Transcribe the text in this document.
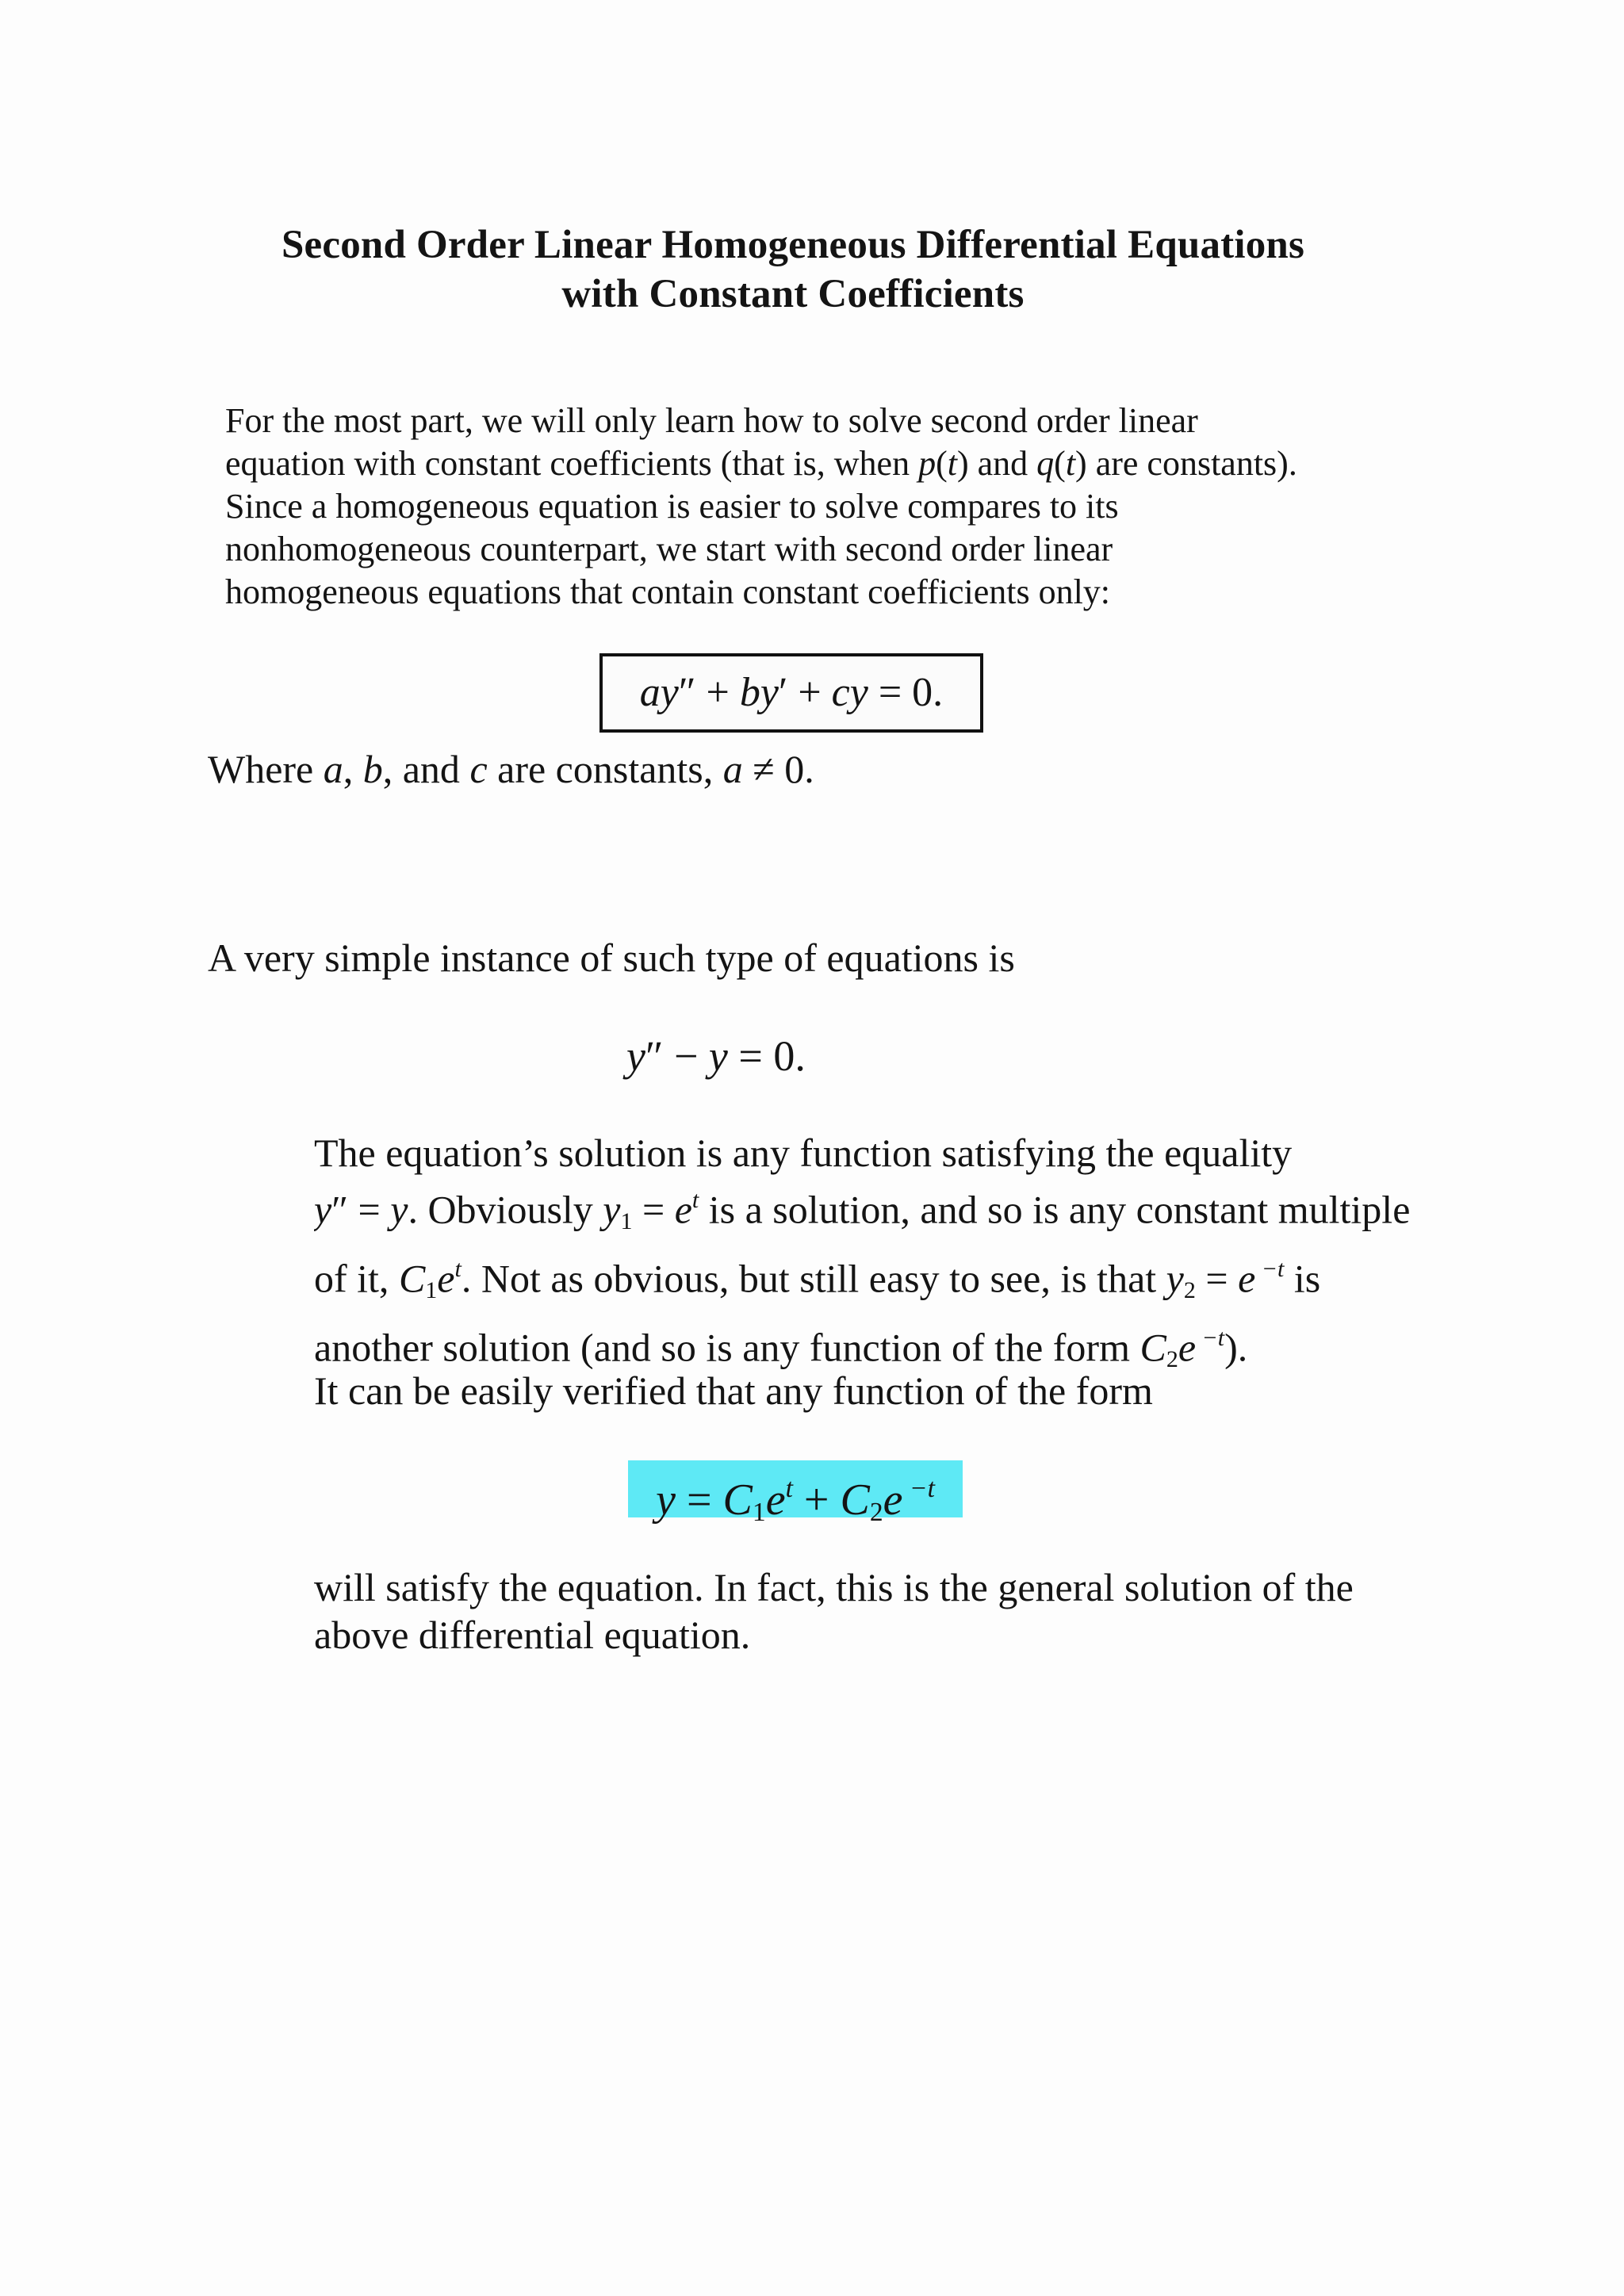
Second Order Linear Homogeneous Differential Equations
with Constant Coefficients
For the most part, we will only learn how to solve second order linear
equation with constant coefficients (that is, when p(t) and q(t) are constants).
Since a homogeneous equation is easier to solve compares to its
nonhomogeneous counterpart, we start with second order linear
homogeneous equations that contain constant coefficients only:
ay″ + by′ + cy = 0.
Where a, b, and c are constants, a ≠ 0.
A very simple instance of such type of equations is
y″ − y = 0.
The equation’s solution is any function satisfying the equality
y″ = y. Obviously $y_1 = e^t$ is a solution, and so is any constant multiple
of it, $C_1e^t$. Not as obvious, but still easy to see, is that $y_2 = e$ $^{-t}$ is
another solution (and so is any function of the form $C_2e$ $^{-t}$).
It can be easily verified that any function of the form
$y = C_1e^t + C_2e$ $^{-t}$
will satisfy the equation. In fact, this is the general solution of the
above differential equation.
